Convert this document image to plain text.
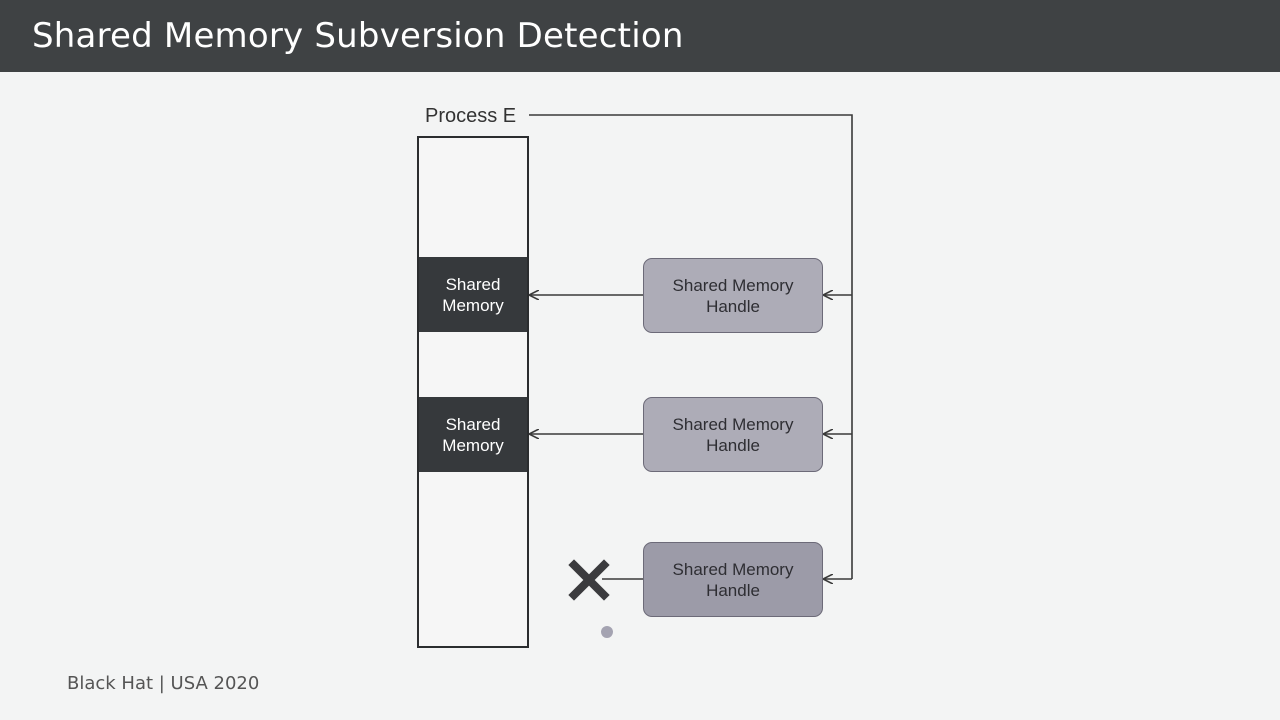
Shared Memory Subversion Detection
Process E
Shared
Memory
Shared
Memory
Shared Memory
Handle
Shared Memory
Handle
Shared Memory
Handle
Black Hat | USA 2020
